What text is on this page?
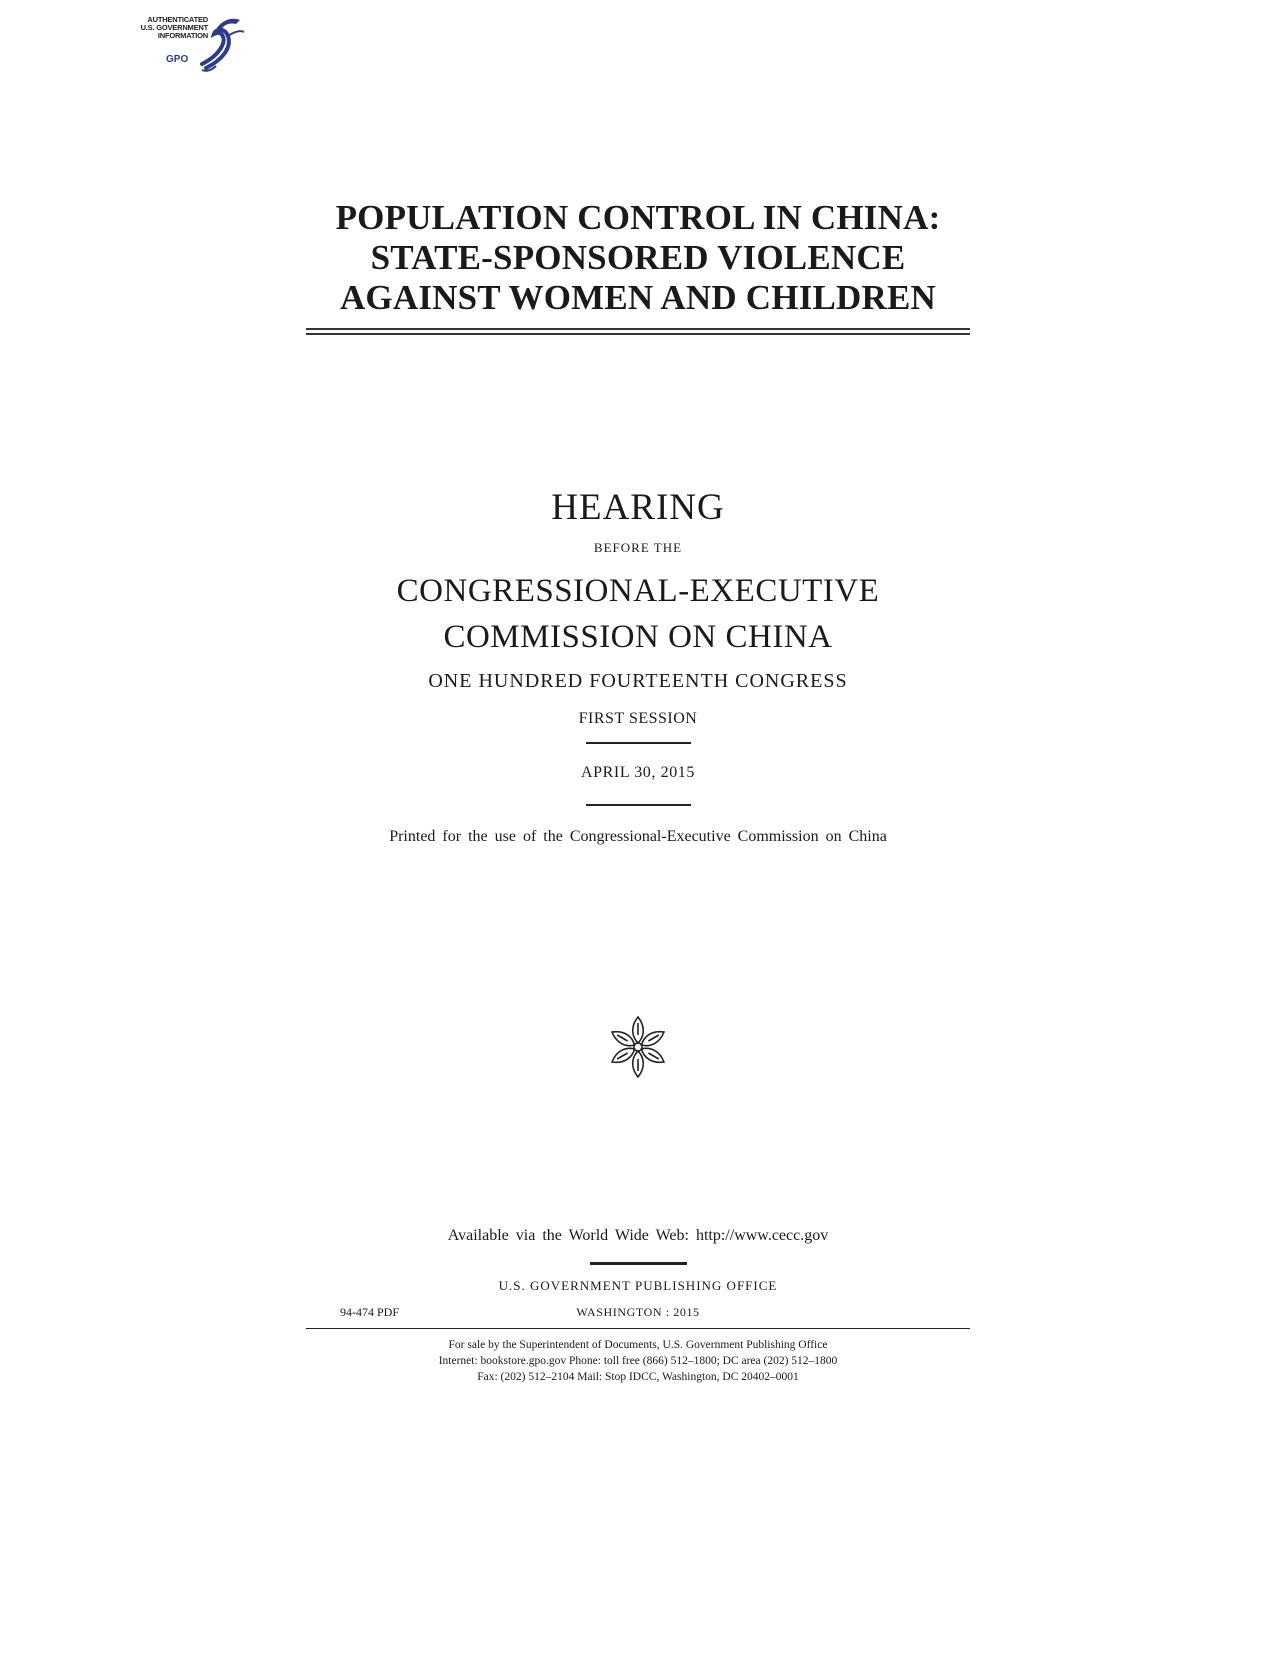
AUTHENTICATED
U.S. GOVERNMENT
INFORMATION
GPO
POPULATION CONTROL IN CHINA:
STATE-SPONSORED VIOLENCE
AGAINST WOMEN AND CHILDREN
HEARING
BEFORE THE
CONGRESSIONAL-EXECUTIVE
COMMISSION ON CHINA
ONE HUNDRED FOURTEENTH CONGRESS
FIRST SESSION
APRIL 30, 2015
Printed for the use of the Congressional-Executive Commission on China
Available via the World Wide Web: http://www.cecc.gov
U.S. GOVERNMENT PUBLISHING OFFICE
94-474 PDF	WASHINGTON : 2015
For sale by the Superintendent of Documents, U.S. Government Publishing Office
Internet: bookstore.gpo.gov Phone: toll free (866) 512–1800; DC area (202) 512–1800
Fax: (202) 512–2104 Mail: Stop IDCC, Washington, DC 20402–0001
